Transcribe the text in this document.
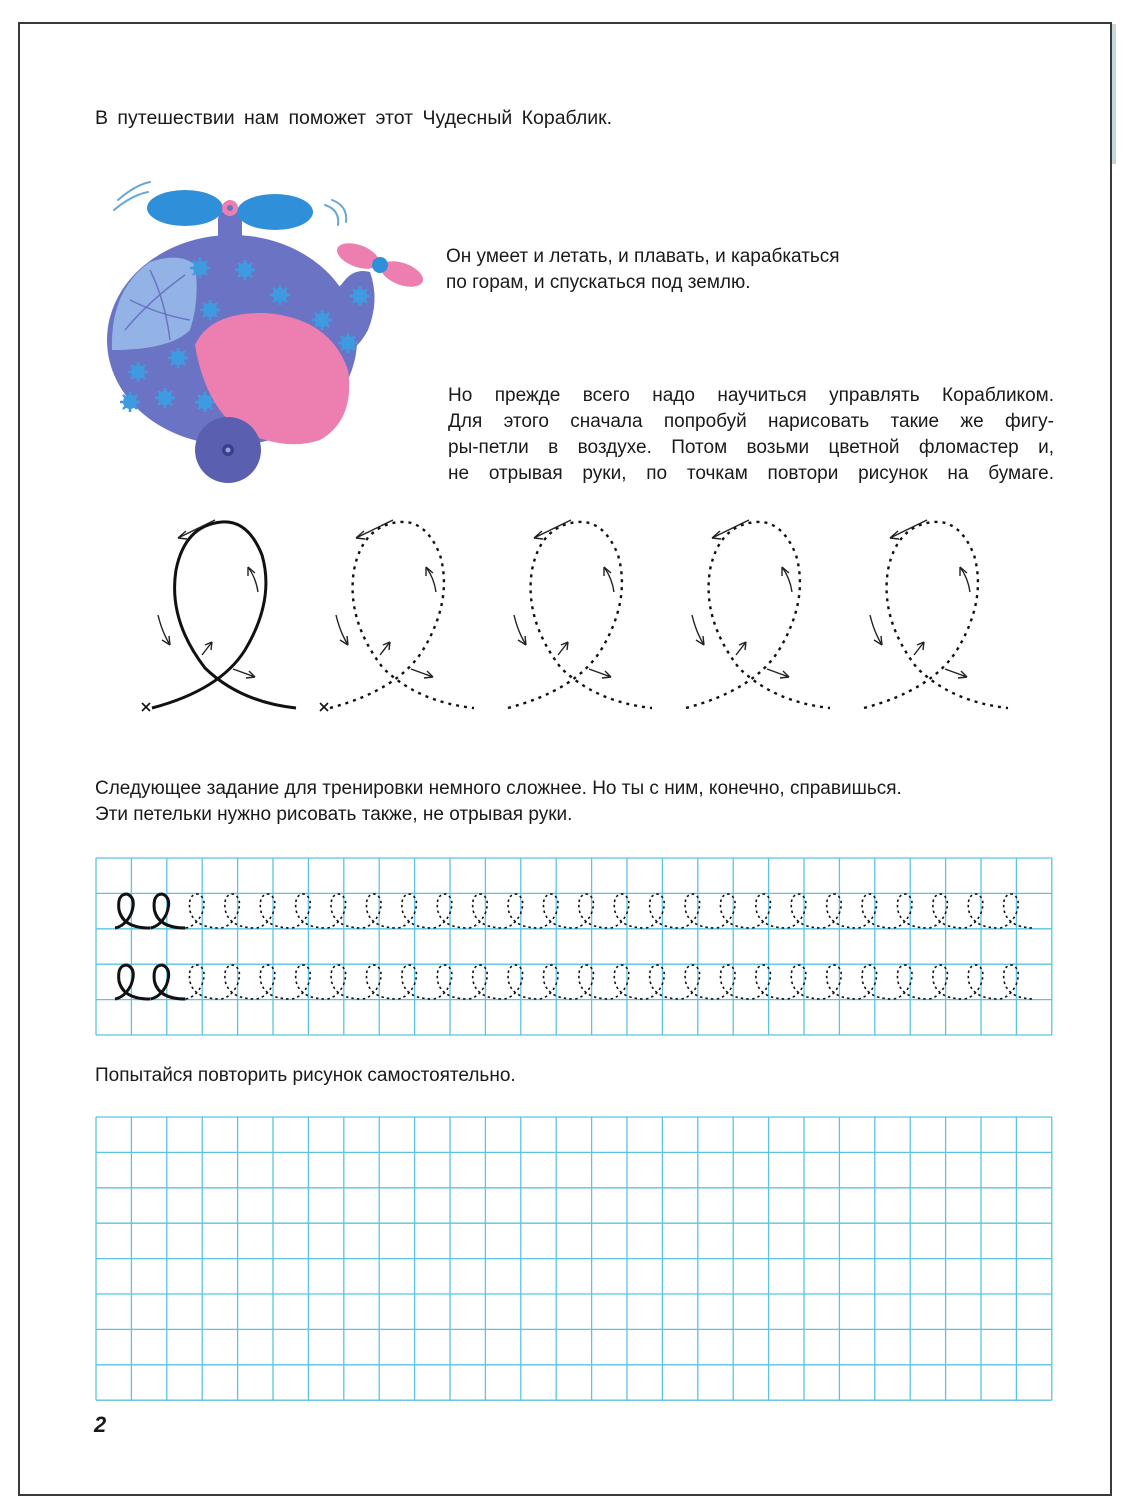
В путешествии нам поможет этот Чудесный Кораблик.
Он умеет и летать, и плавать, и карабкаться
по горам, и спускаться под землю.
Но прежде всего надо научиться управлять Корабликом.
Для этого сначала попробуй нарисовать такие же фигу-
ры-петли в воздухе. Потом возьми цветной фломастер и,
не отрывая руки, по точкам повтори рисунок на бумаге.
Следующее задание для тренировки немного сложнее. Но ты с ним, конечно, справишься.
Эти петельки нужно рисовать также, не отрывая руки.
Попытайся повторить рисунок самостоятельно.
2
